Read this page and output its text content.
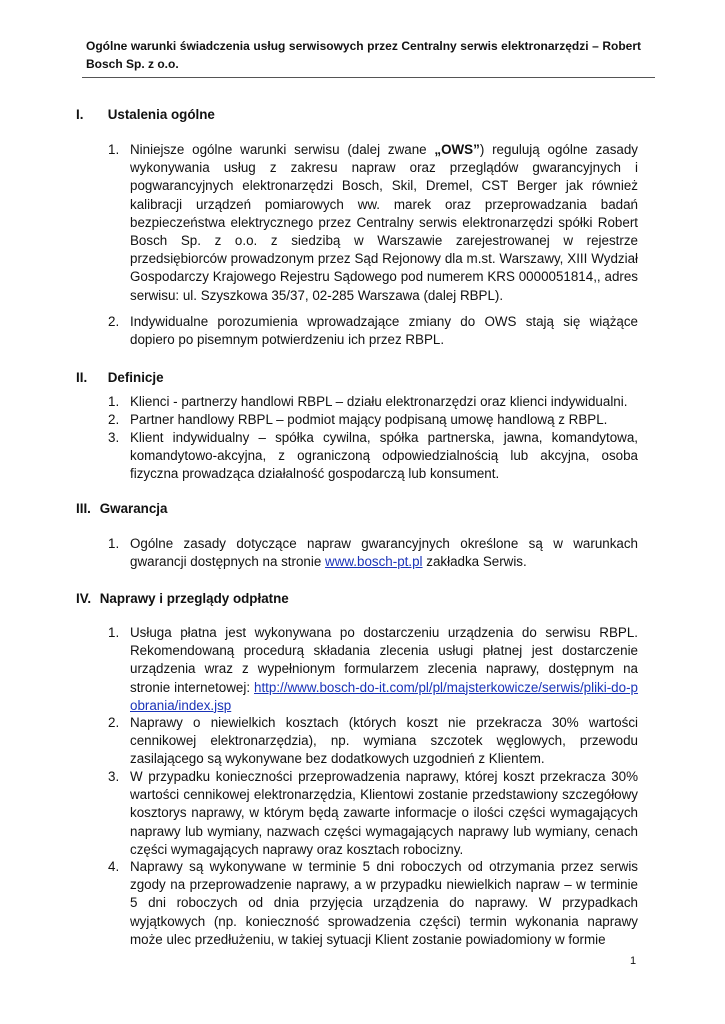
Ogólne warunki świadczenia usług serwisowych przez Centralny serwis elektronarzędzi – Robert Bosch Sp. z o.o.
I. Ustalenia ogólne
1. Niniejsze ogólne warunki serwisu (dalej zwane „OWS”) regulują ogólne zasady wykonywania usług z zakresu napraw oraz przeglądów gwarancyjnych i pogwarancyjnych elektronarzędzi Bosch, Skil, Dremel, CST Berger jak również kalibracji urządzeń pomiarowych ww. marek oraz przeprowadzania badań bezpieczeństwa elektrycznego przez Centralny serwis elektronarzędzi spółki Robert Bosch Sp. z o.o. z siedzibą w Warszawie zarejestrowanej w rejestrze przedsiębiorców prowadzonym przez Sąd Rejonowy dla m.st. Warszawy, XIII Wydział Gospodarczy Krajowego Rejestru Sądowego pod numerem KRS 0000051814,, adres serwisu: ul. Szyszkowa 35/37, 02-285 Warszawa (dalej RBPL).

2. Indywidualne porozumienia wprowadzające zmiany do OWS stają się wiążące dopiero po pisemnym potwierdzeniu ich przez RBPL.

II. Definicje
1. Klienci - partnerzy handlowi RBPL – działu elektronarzędzi oraz klienci indywidualni.

2. Partner handlowy RBPL – podmiot mający podpisaną umowę handlową z RBPL.

3. Klient indywidualny – spółka cywilna, spółka partnerska, jawna, komandytowa, komandytowo-akcyjna, z ograniczoną odpowiedzialnością lub akcyjna, osoba fizyczna prowadząca działalność gospodarczą lub konsument.

III. Gwarancja
1. Ogólne zasady dotyczące napraw gwarancyjnych określone są w warunkach gwarancji dostępnych na stronie www.bosch-pt.pl zakładka Serwis.

IV. Naprawy i przeglądy odpłatne
1. Usługa płatna jest wykonywana po dostarczeniu urządzenia do serwisu RBPL. Rekomendowaną procedurą składania zlecenia usługi płatnej jest dostarczenie urządzenia wraz z wypełnionym formularzem zlecenia naprawy, dostępnym na stronie internetowej: http://www.bosch-do-it.com/pl/pl/majsterkowicze/serwis/pliki-do-pobrania/index.jsp

2. Naprawy o niewielkich kosztach (których koszt nie przekracza 30% wartości cennikowej elektronarzędzia), np. wymiana szczotek węglowych, przewodu zasilającego są wykonywane bez dodatkowych uzgodnień z Klientem.

3. W przypadku konieczności przeprowadzenia naprawy, której koszt przekracza 30% wartości cennikowej elektronarzędzia, Klientowi zostanie przedstawiony szczegółowy kosztorys naprawy, w którym będą zawarte informacje o ilości części wymagających naprawy lub wymiany, nazwach części wymagających naprawy lub wymiany, cenach części wymagających naprawy oraz kosztach robocizny.

4. Naprawy są wykonywane w terminie 5 dni roboczych od otrzymania przez serwis zgody na przeprowadzenie naprawy, a w przypadku niewielkich napraw – w terminie 5 dni roboczych od dnia przyjęcia urządzenia do naprawy. W przypadkach wyjątkowych (np. konieczność sprowadzenia części) termin wykonania naprawy może ulec przedłużeniu, w takiej sytuacji Klient zostanie powiadomiony w formie

1
